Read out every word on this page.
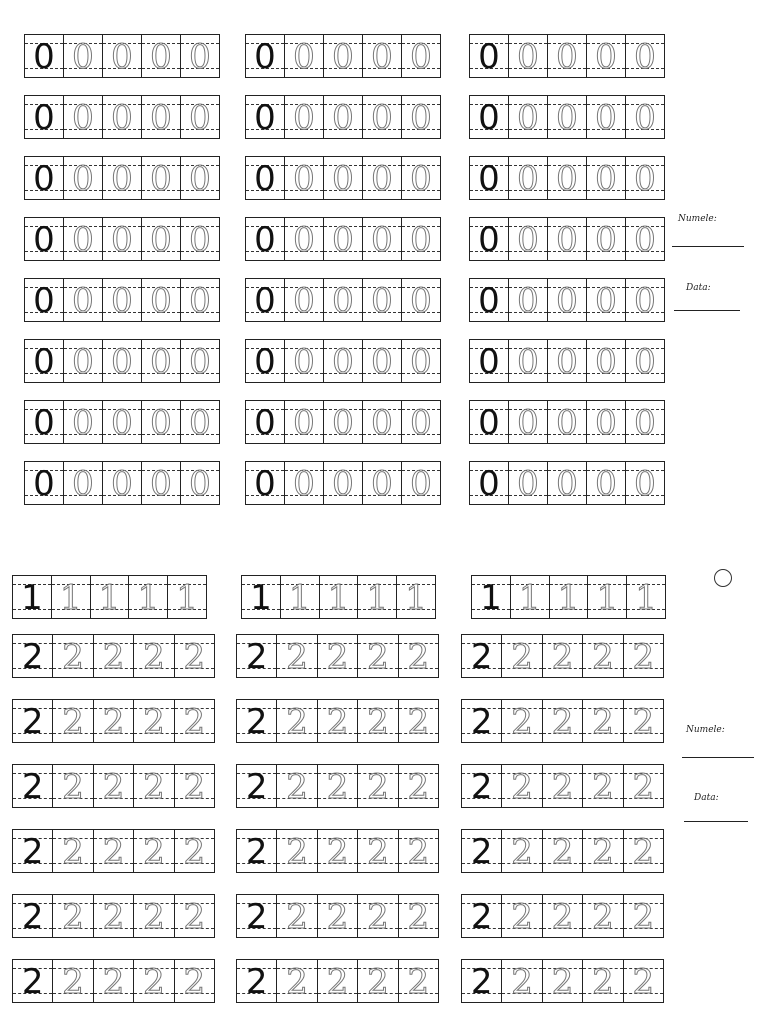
0 0 0 0 0 0 0 0 0 0 0 0 0 0 0
0 0 0 0 0 0 0 0 0 0 0 0 0 0 0
0 0 0 0 0 0 0 0 0 0 0 0 0 0 0
0 0 0 0 0 0 0 0 0 0 0 0 0 0 0
0 0 0 0 0 0 0 0 0 0 0 0 0 0 0
0 0 0 0 0 0 0 0 0 0 0 0 0 0 0
0 0 0 0 0 0 0 0 0 0 0 0 0 0 0
0 0 0 0 0 0 0 0 0 0 0 0 0 0 0
1 1 1 1 1 1 1 1 1 1 1 1 1 1 1
2 2 2 2 2 2 2 2 2 2 2 2 2 2 2
2 2 2 2 2 2 2 2 2 2 2 2 2 2 2
2 2 2 2 2 2 2 2 2 2 2 2 2 2 2
2 2 2 2 2 2 2 2 2 2 2 2 2 2 2
2 2 2 2 2 2 2 2 2 2 2 2 2 2 2
2 2 2 2 2 2 2 2 2 2 2 2 2 2 2
Numele:
Data:
Numele:
Data:
